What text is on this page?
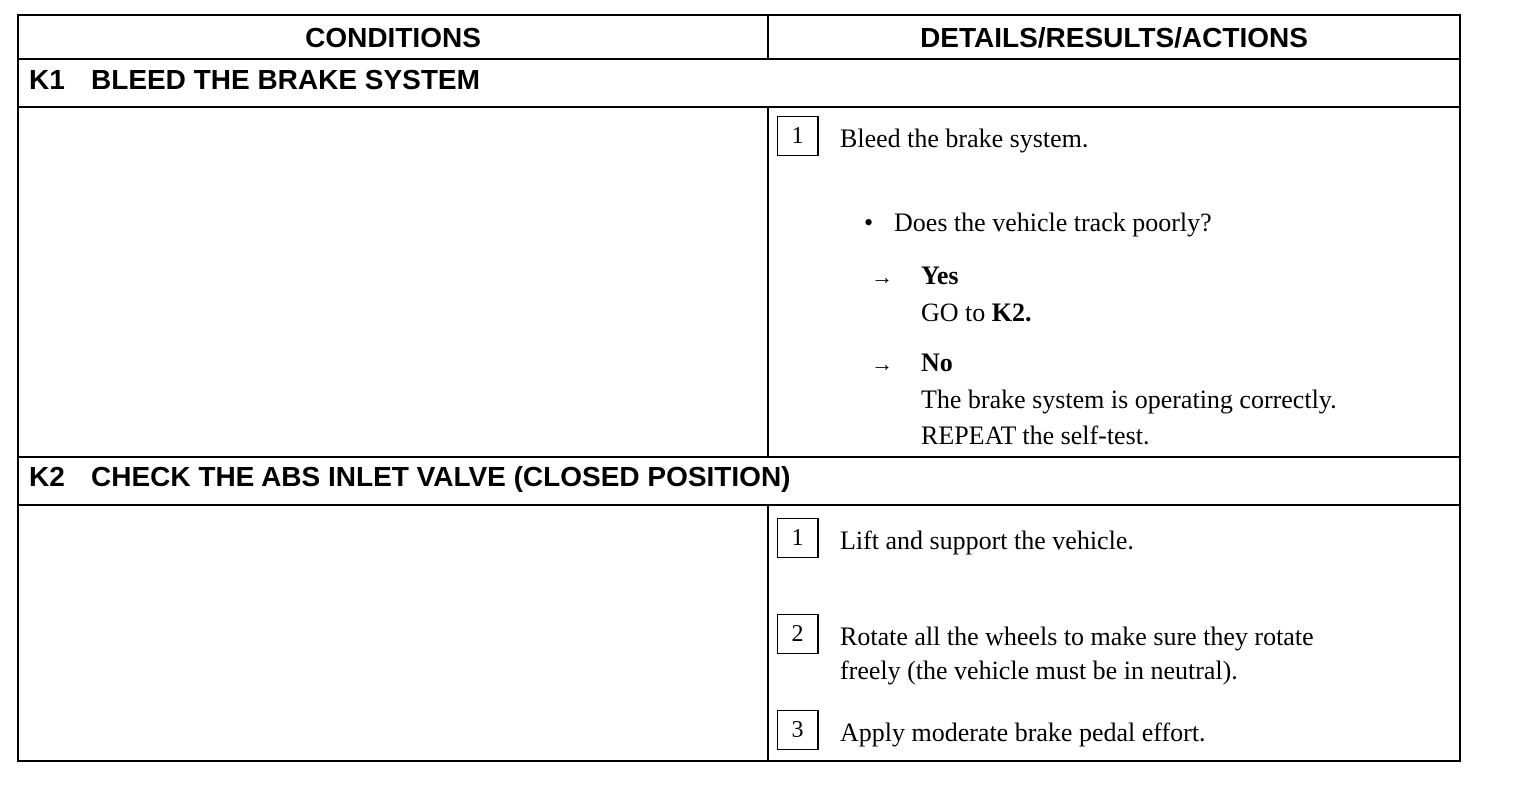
CONDITIONS	DETAILS/RESULTS/ACTIONS
K1 BLEED THE BRAKE SYSTEM
1	Bleed the brake system.
• Does the vehicle track poorly?
→ Yes
GO to K2.
→ No
The brake system is operating correctly.
REPEAT the self-test.
K2 CHECK THE ABS INLET VALVE (CLOSED POSITION)
1	Lift and support the vehicle.
2	Rotate all the wheels to make sure they rotate
freely (the vehicle must be in neutral).
3	Apply moderate brake pedal effort.
